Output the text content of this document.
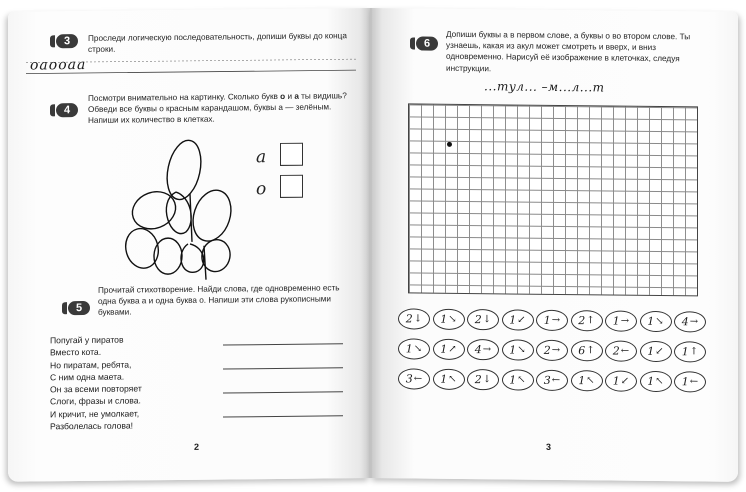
3	Проследи логическую последовательность, допиши буквы до конца строки.
оаооаа
4
Посмотри внимательно на картинку. Сколько букв о и а ты видишь? Обведи все буквы о красным карандашом, буквы а — зелёным. Напиши их количество в клетках.
а
о
5
Прочитай стихотворение. Найди слова, где одновременно есть одна буква а и одна буква о. Напиши эти слова рукописными буквами.
Попугай у пиратов
Вместо кота.
Но пиратам, ребята,
С ним одна маета.
Он за всеми повторяет
Слоги, фразы и слова.
И кричит, не умолкает,
Разболелась голова!
2
6
Допиши буквы а в первом слове, а буквы о во втором слове. Ты узнаешь, какая из акул может смотреть и вверх, и вниз одновременно. Нарисуй её изображение в клеточках, следуя инструкции.
...тул... –м...л...т
2 ↓ 1 ↘ 2 ↓ 1 ↙ 1 → 2 ↑ 1 → 1 ↘ 4 →
1 ↘ 1 ↗ 4 → 1 ↘ 2 → 6 ↑ 2 ← 1 ↙ 1 ↑
3 ← 1 ↖ 2 ↓ 1 ↖ 3 ← 1 ↖ 1 ↙ 1 ↖ 1 ←
3
